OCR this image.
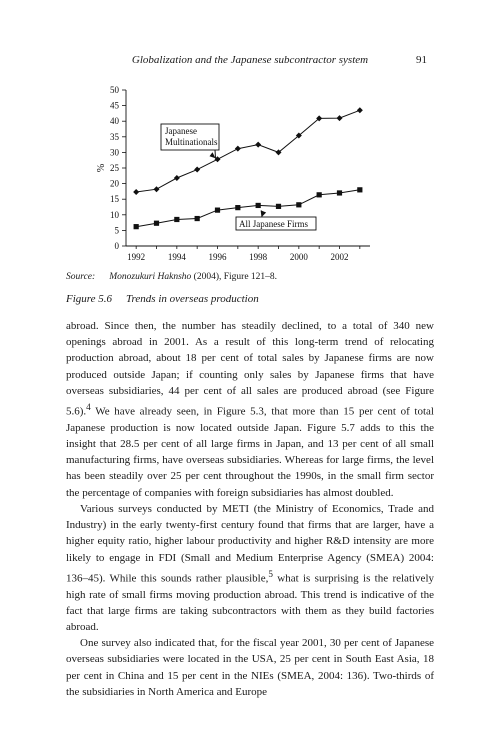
Globalization and the Japanese subcontractor system	91
0
5
10
15
20
25
30
35
40
45
50
1992	1994	1996	1998	2000	2002
%
Japanese
Multinationals
All Japanese Firms
Source: Monozukuri Haknsho (2004), Figure 121–8.
Figure 5.6 Trends in overseas production

abroad. Since then, the number has steadily declined, to a total of 340 new openings abroad in 2001. As a result of this long-term trend of relocating production abroad, about 18 per cent of total sales by Japanese firms are now produced outside Japan; if counting only sales by Japanese firms that have overseas subsidiaries, 44 per cent of all sales are produced abroad (see Figure 5.6).$^4$ We have already seen, in Figure 5.3, that more than 15 per cent of total Japanese production is now located outside Japan. Figure 5.7 adds to this the insight that 28.5 per cent of all large firms in Japan, and 13 per cent of all small manufacturing firms, have overseas subsidiaries. Whereas for large firms, the level has been steadily over 25 per cent throughout the 1990s, in the small firm sector the percentage of companies with foreign subsidiaries has almost doubled.

Various surveys conducted by METI (the Ministry of Economics, Trade and Industry) in the early twenty-first century found that firms that are larger, have a higher equity ratio, higher labour productivity and higher R&D intensity are more likely to engage in FDI (Small and Medium Enterprise Agency (SMEA) 2004: 136–45). While this sounds rather plausible,$^5$ what is surprising is the relatively high rate of small firms moving production abroad. This trend is indicative of the fact that large firms are taking subcontractors with them as they build factories abroad.

One survey also indicated that, for the fiscal year 2001, 30 per cent of Japanese overseas subsidiaries were located in the USA, 25 per cent in South East Asia, 18 per cent in China and 15 per cent in the NIEs (SMEA, 2004: 136). Two-thirds of the subsidiaries in North America and Europe
